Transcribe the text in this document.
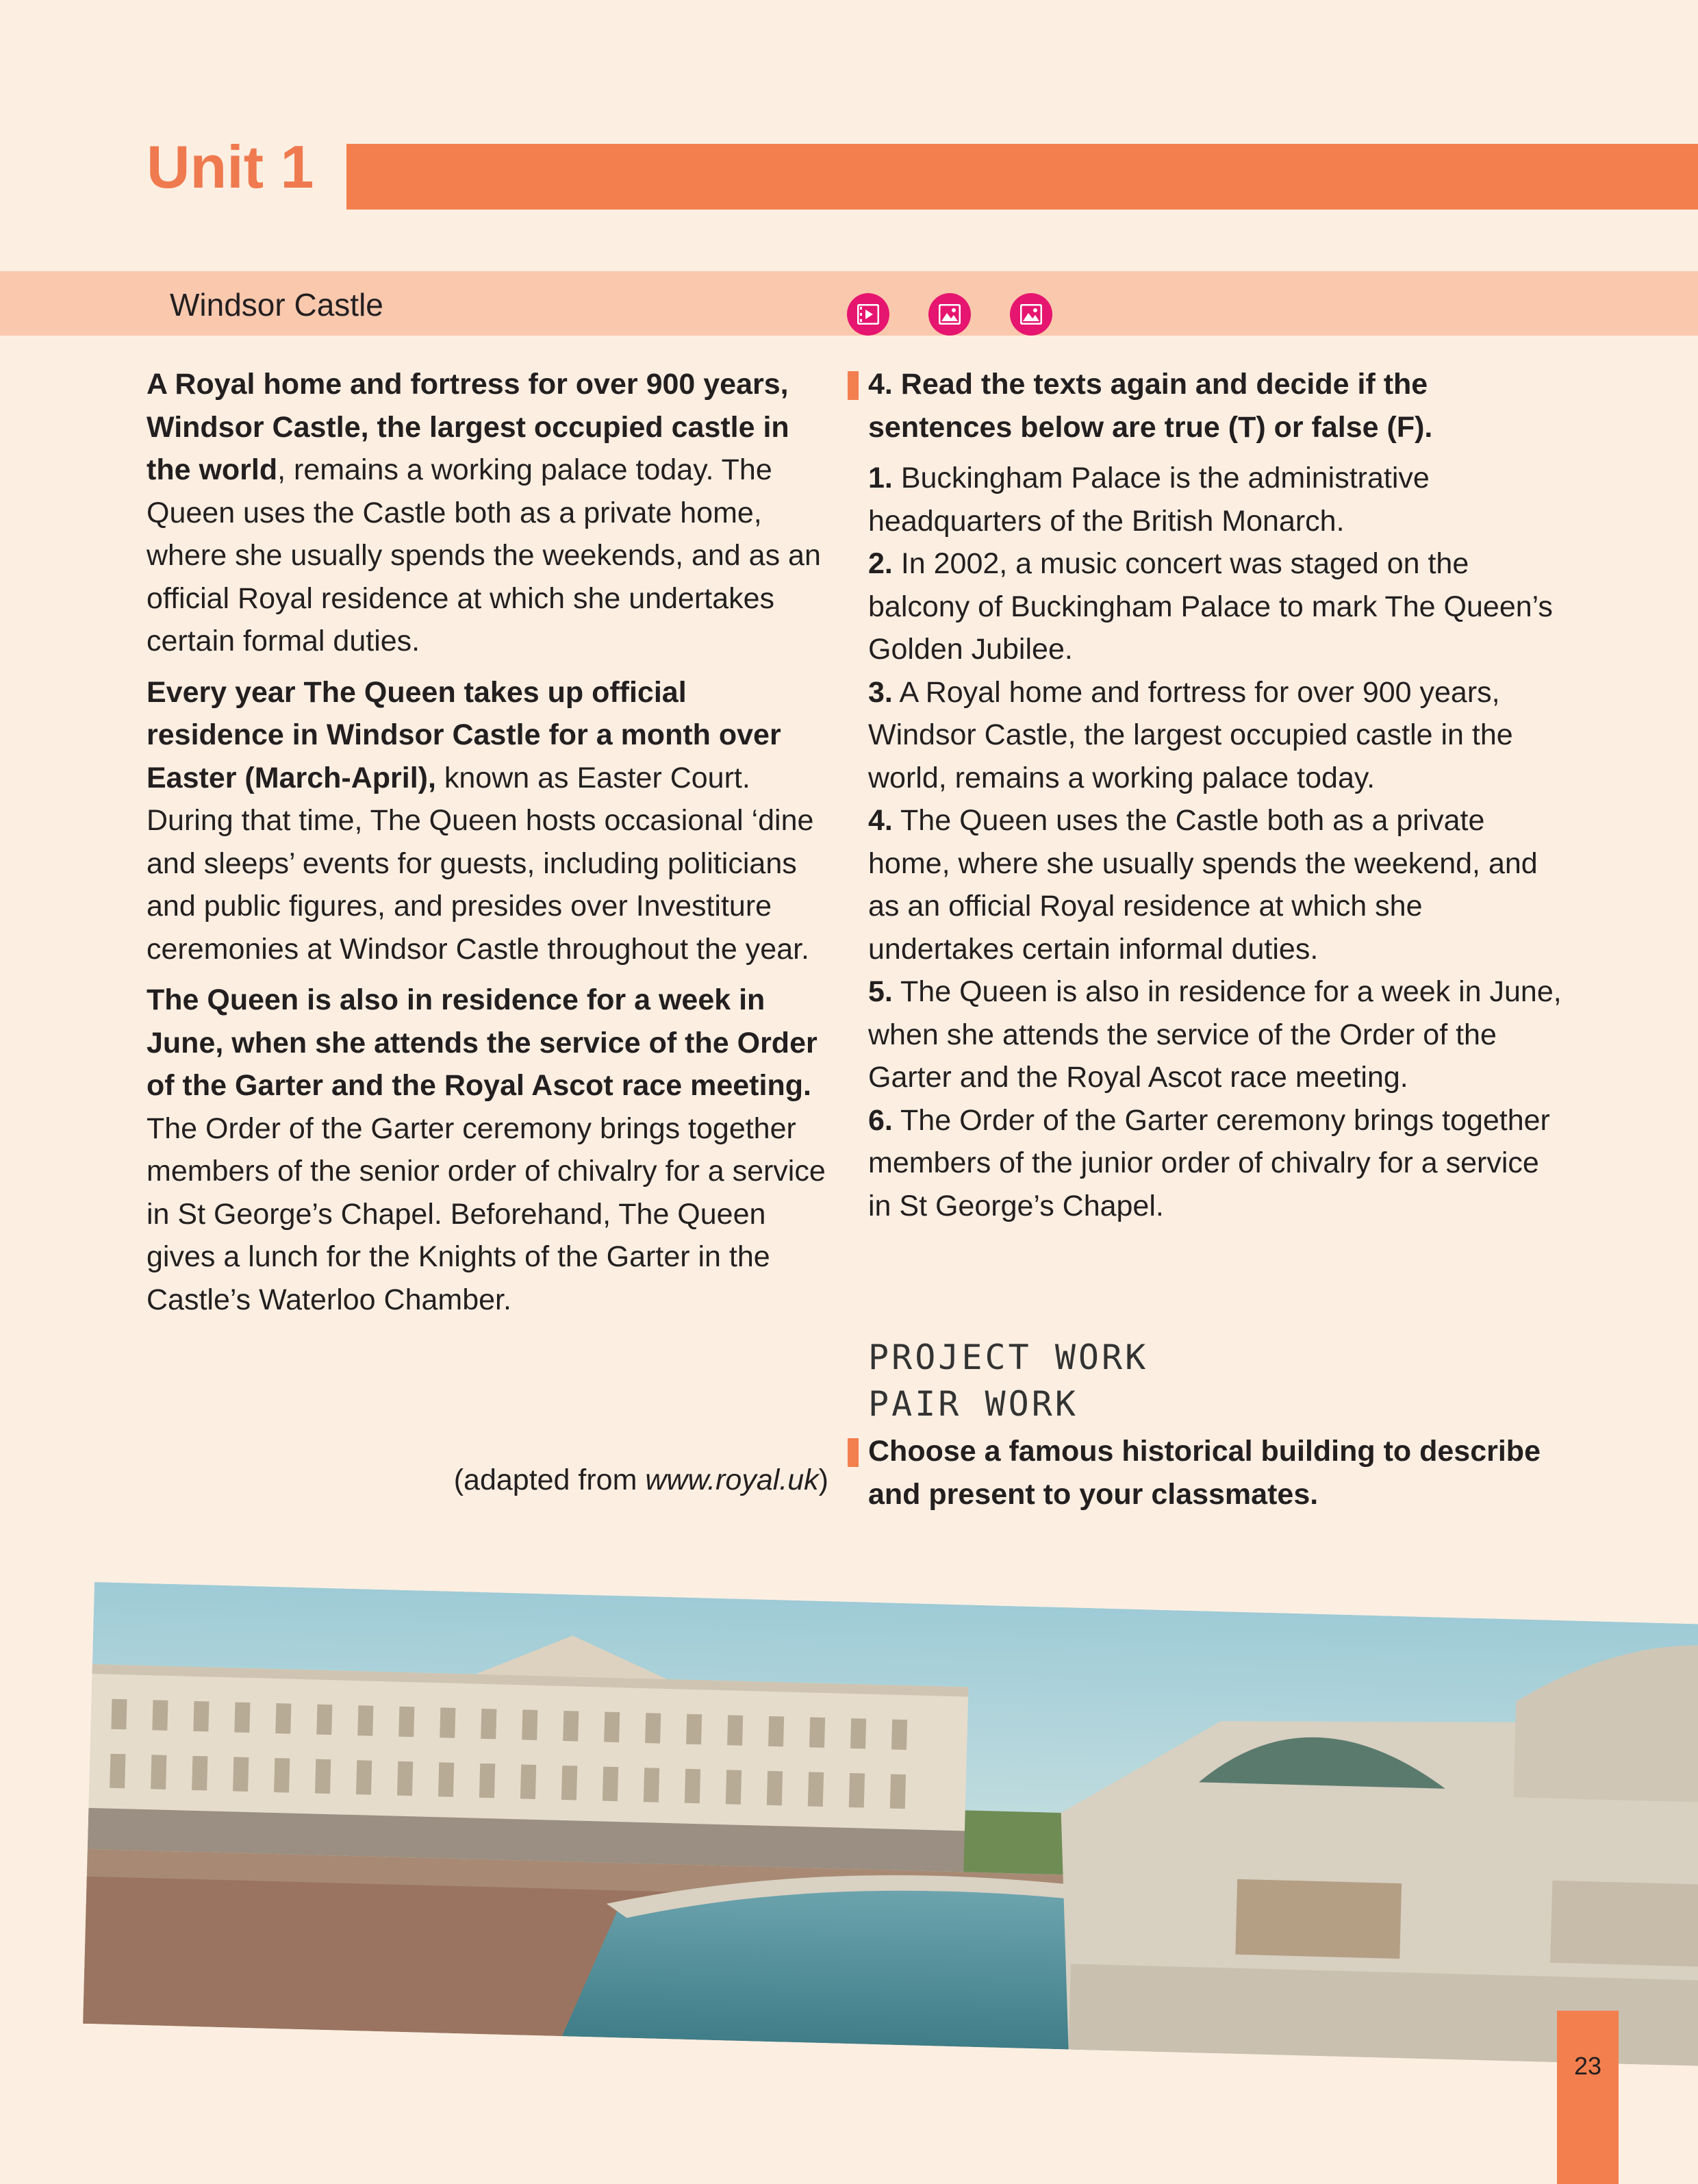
Unit 1
Windsor Castle

A Royal home and fortress for over 900 years, Windsor Castle, the largest occupied castle in the world, remains a working palace today. The Queen uses the Castle both as a private home, where she usually spends the weekends, and as an official Royal residence at which she undertakes certain formal duties.

Every year The Queen takes up official residence in Windsor Castle for a month over Easter (March-April), known as Easter Court. During that time, The Queen hosts occasional ‘dine and sleeps’ events for guests, including politicians and public figures, and presides over Investiture ceremonies at Windsor Castle throughout the year.

The Queen is also in residence for a week in June, when she attends the service of the Order of the Garter and the Royal Ascot race meeting. The Order of the Garter ceremony brings together members of the senior order of chivalry for a service in St George’s Chapel. Beforehand, The Queen gives a lunch for the Knights of the Garter in the Castle’s Waterloo Chamber.

(adapted from www.royal.uk)
4. Read the texts again and decide if the sentences below are true (T) or false (F).

1. Buckingham Palace is the administrative headquarters of the British Monarch.

2. In 2002, a music concert was staged on the balcony of Buckingham Palace to mark The Queen’s Golden Jubilee.

3. A Royal home and fortress for over 900 years, Windsor Castle, the largest occupied castle in the world, remains a working palace today.

4. The Queen uses the Castle both as a private home, where she usually spends the weekend, and as an official Royal residence at which she undertakes certain informal duties.

5. The Queen is also in residence for a week in June, when she attends the service of the Order of the Garter and the Royal Ascot race meeting.

6. The Order of the Garter ceremony brings together members of the junior order of chivalry for a service in St George’s Chapel.

PROJECT WORK

PAIR WORK

Choose a famous historical building to describe and present to your classmates.
23
